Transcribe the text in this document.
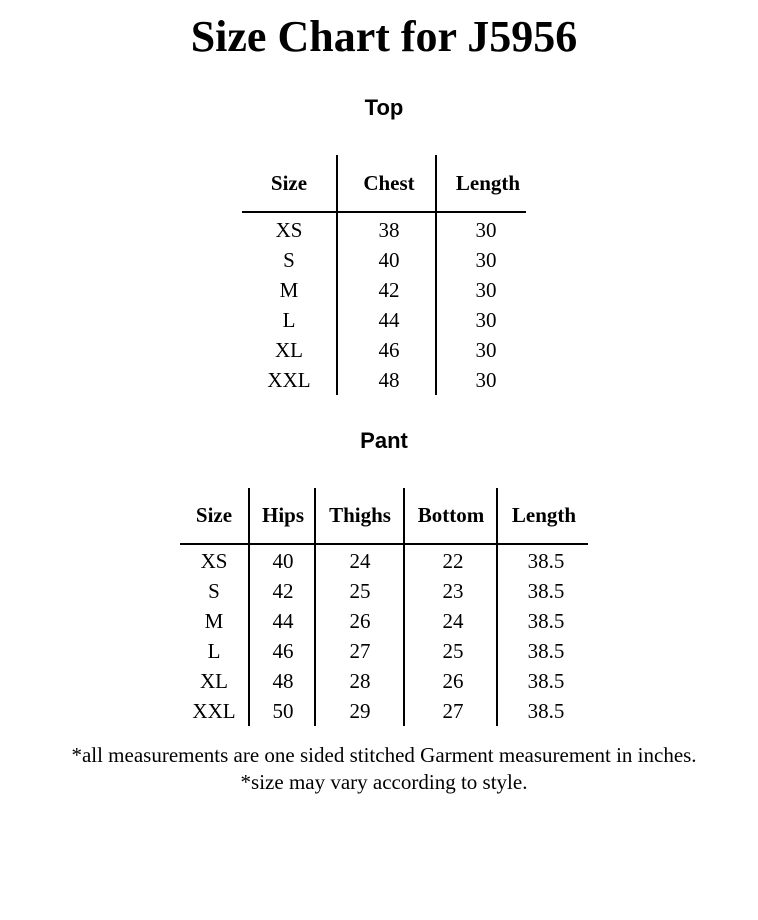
Size Chart for J5956
Top
Size	Chest	Length
XS	38	30
S	40	30
M	42	30
L	44	30
XL	46	30
XXL	48	30
Pant
Size	Hips	Thighs	Bottom	Length
XS	40	24	22	38.5
S	42	25	23	38.5
M	44	26	24	38.5
L	46	27	25	38.5
XL	48	28	26	38.5
XXL	50	29	27	38.5
*all measurements are one sided stitched Garment measurement in inches.
*size may vary according to style.
